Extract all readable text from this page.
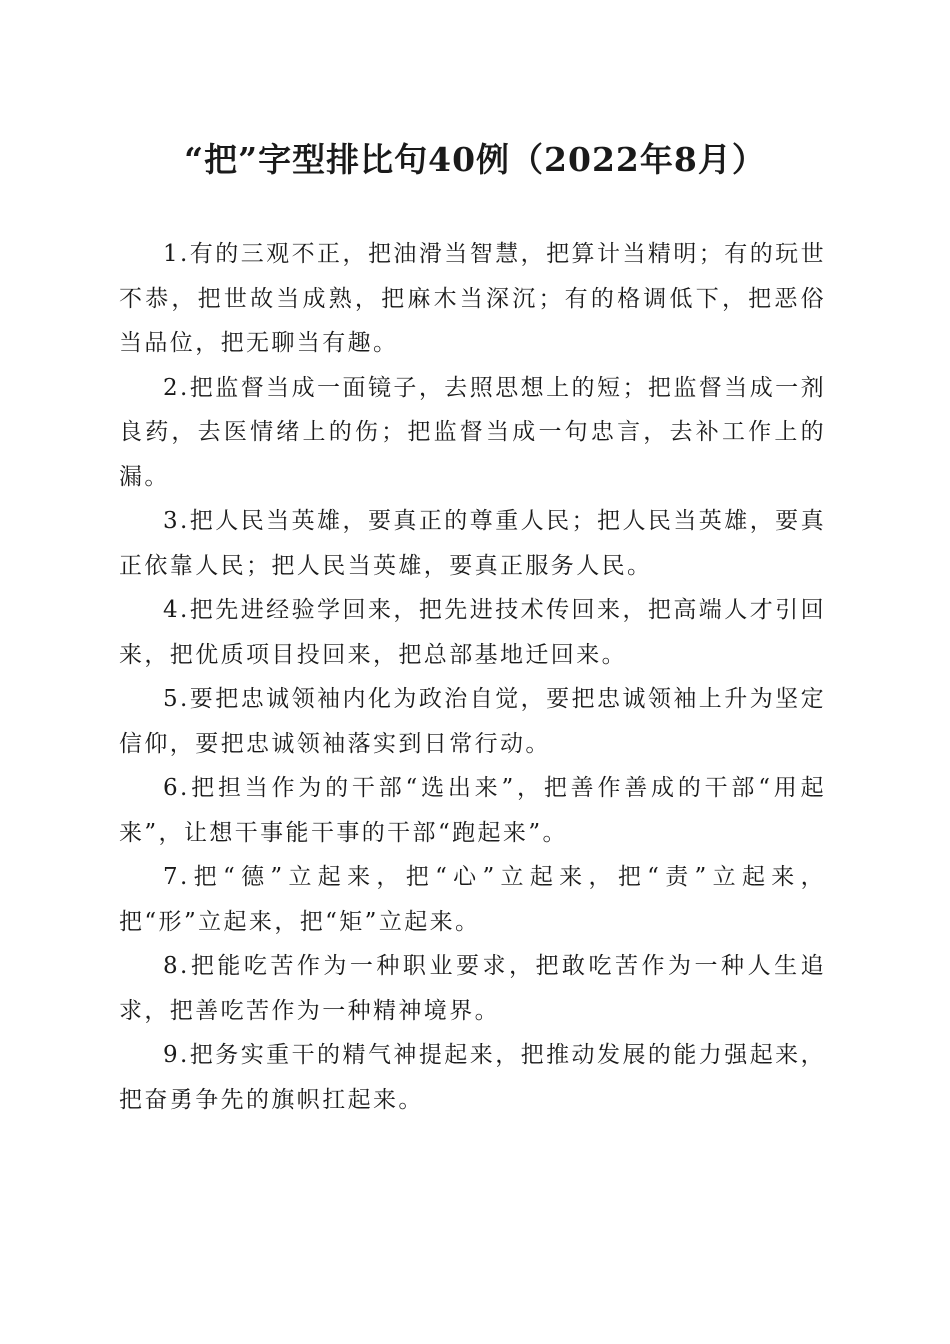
“把”字型排比句40例（2022年8月）

1.有的三观不正，把油滑当智慧，把算计当精明；有的玩世不恭，把世故当成熟，把麻木当深沉；有的格调低下，把恶俗当品位，把无聊当有趣。

2.把监督当成一面镜子，去照思想上的短；把监督当成一剂良药，去医情绪上的伤；把监督当成一句忠言，去补工作上的漏。

3.把人民当英雄，要真正的尊重人民；把人民当英雄，要真正依靠人民；把人民当英雄，要真正服务人民。

4.把先进经验学回来，把先进技术传回来，把高端人才引回来，把优质项目投回来，把总部基地迁回来。

5.要把忠诚领袖内化为政治自觉，要把忠诚领袖上升为坚定信仰，要把忠诚领袖落实到日常行动。

6.把担当作为的干部“选出来”，把善作善成的干部“用起来”，让想干事能干事的干部“跑起来”。

7.把“德”立起来，把“心”立起来，把“责”立起来，把“形”立起来，把“矩”立起来。

8.把能吃苦作为一种职业要求，把敢吃苦作为一种人生追求，把善吃苦作为一种精神境界。

9.把务实重干的精气神提起来，把推动发展的能力强起来，把奋勇争先的旗帜扛起来。
